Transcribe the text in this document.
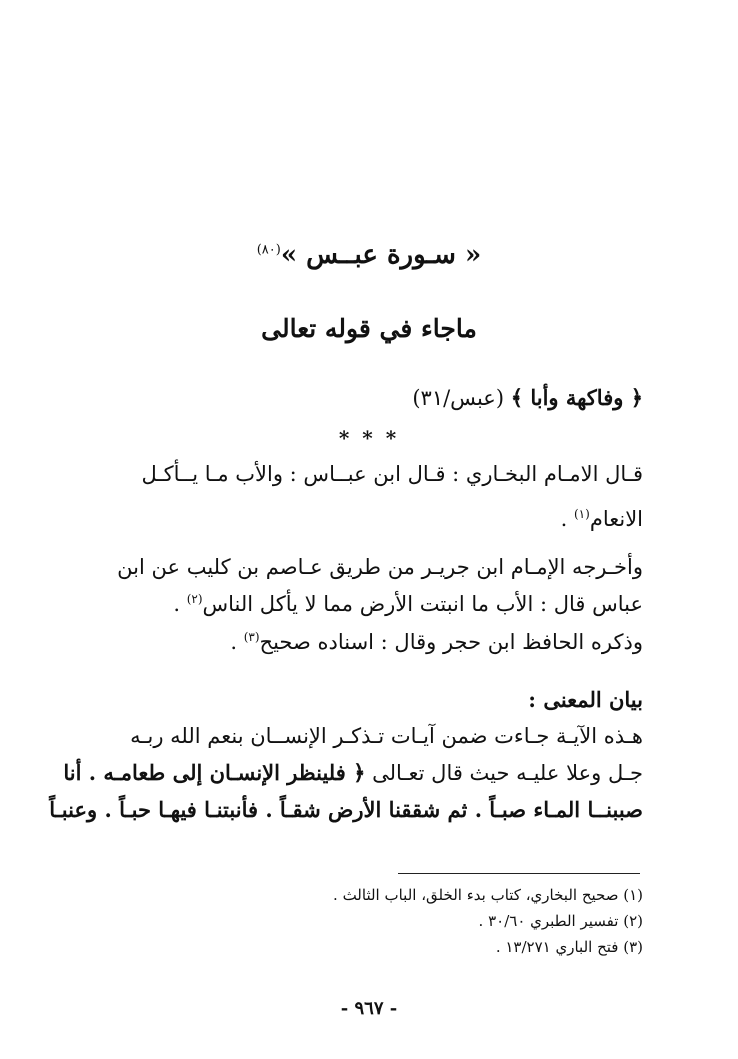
« سـورة عبــس »$^{(٨٠)}$
ماجاء في قوله تعالى
﴿ وفاكهة وأبا ﴾ (عبس/٣١)
* * *
قـال الامـام البخـاري : قـال ابن عبــاس : والأب مـا يــأكـل
الانعام$^{(١)}$ .
وأخـرجه الإمـام ابن جريـر من طريق عـاصم بن كليب عن ابن
عباس قال : الأب ما انبتت الأرض مما لا يأكل الناس$^{(٢)}$ .
وذكره الحافظ ابن حجر وقال : اسناده صحيح$^{(٣)}$ .
بيان المعنى :
هـذه الآيـة جـاءت ضمن آيـات تـذكـر الإنســان بنعم الله ربـه
جـل وعلا عليـه حيث قال تعـالى ﴿ فلينظر الإنسـان إلى طعامـه . أنا
صببنــا المـاء صبـاً . ثم شققنا الأرض شقـاً . فأنبتنـا فيهـا حبـاً . وعنبـاً
(١) صحيح البخاري، كتاب بدء الخلق، الباب الثالث .
(٢) تفسير الطبري ٣٠/٦٠ .
(٣) فتح الباري ١٣/٢٧١ .
- ٩٦٧ -
